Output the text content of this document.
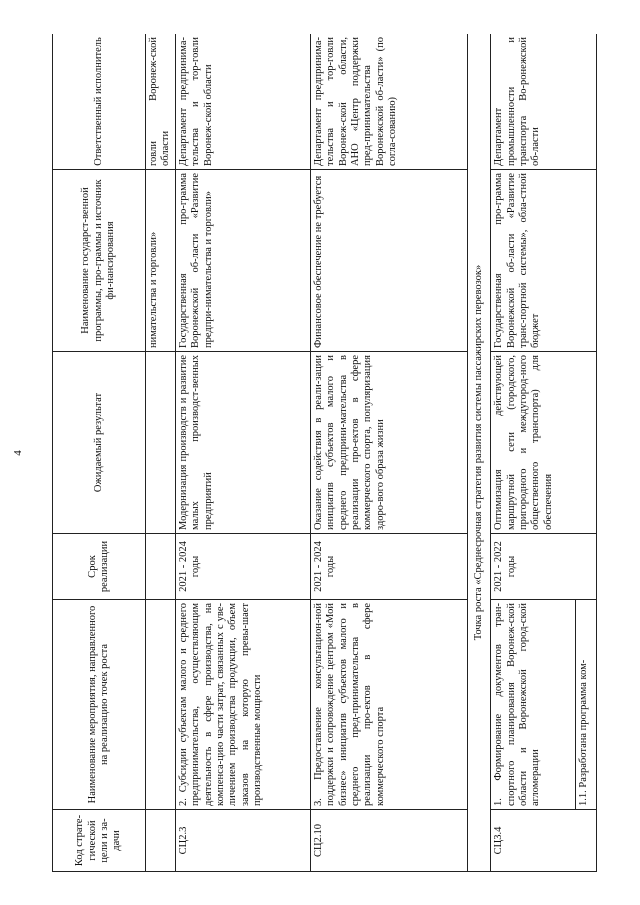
4
Код страте-гической цели и за-дачи	Наименование мероприятия, направленного на реализацию точек роста	Срок реализации	Ожидаемый результат	Наименование государст-венной программы, про-граммы и источник фи-нансирования	Ответственный исполнитель
				нимательства и торговли»	говли Воронеж-ской области
СЦ2.3	2. Субсидии субъектам малого и среднего предпринимательства, осуществляющим деятельность в сфере производства, на компенса-цию части затрат, связанных с уве-личением производства продукции, объем заказов на которую превы-шает производственные мощности	2021 - 2024 годы	Модернизация производств и развитие малых производст-венных предприятий	Государственная про-грамма Воронежской об-ласти «Развитие предпри-нимательства и торговли»	Департамент предпринима-тельства и тор-говли Воронеж-ской области
СЦ2.10	3. Предоставление консультацион-ной поддержки и сопровождение центром «Мой бизнес» инициатив субъектов малого и среднего пред-принимательства в реализации про-ектов в сфере коммерческого спорта	2021 - 2024 годы	Оказание содействия в реали-зации инициатив субъектов малого и среднего предприни-мательства в реализации про-ектов в сфере коммерческого спорта, популяризация здоро-вого образа жизни	Финансовое обеспечение не требуется	Департамент предпринима-тельства и тор-говли Воронеж-ской области, АНО «Центр поддержки пред-принимательства Воронежской об-ласти» (по согла-сованию)
Точка роста «Среднесрочная стратегия развития системы пассажирских перевозок»					
СЦ3.4	1. Формирование документов тран-спортного планирования Воронеж-ской области и Воронежской город-ской агломерации	2021 - 2022 годы	Оптимизация действующей маршрутной сети (городского, пригородного и междугород-ного общественного транспорта) для обеспечения	Государственная про-грамма Воронежской об-ласти «Развитие транс-портной системы», обла-стной бюджет	Департамент промышленности и транспорта Во-ронежской об-ласти
	1.1. Разработана программа ком-				
